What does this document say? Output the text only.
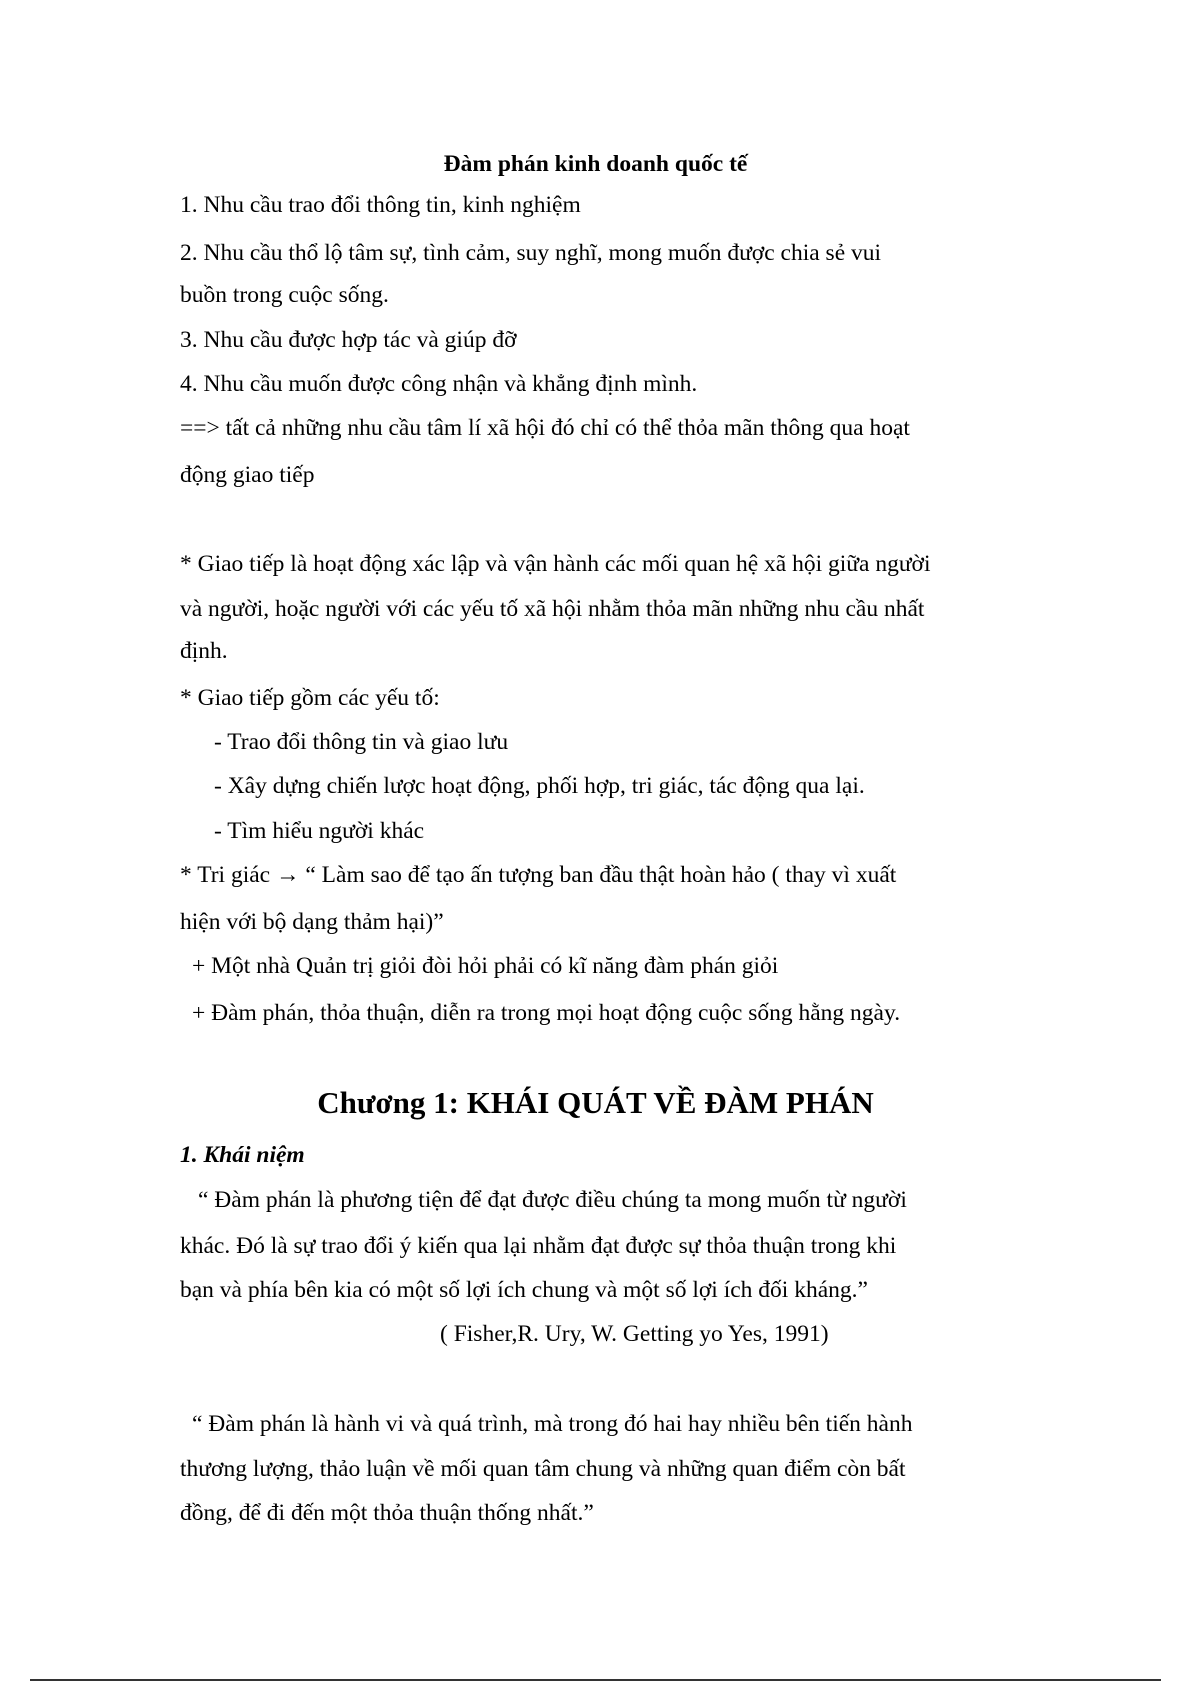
Đàm phán kinh doanh quốc tế
1. Nhu cầu trao đổi thông tin, kinh nghiệm
2. Nhu cầu thổ lộ tâm sự, tình cảm, suy nghĩ, mong muốn được chia sẻ vui
buồn trong cuộc sống.
3. Nhu cầu được hợp tác và giúp đỡ
4. Nhu cầu muốn được công nhận và khẳng định mình.
==> tất cả những nhu cầu tâm lí xã hội đó chỉ có thể thỏa mãn thông qua hoạt
động giao tiếp
* Giao tiếp là hoạt động xác lập và vận hành các mối quan hệ xã hội giữa người
và người, hoặc người với các yếu tố xã hội nhằm thỏa mãn những nhu cầu nhất
định.
* Giao tiếp gồm các yếu tố:
- Trao đổi thông tin và giao lưu
- Xây dựng chiến lược hoạt động, phối hợp, tri giác, tác động qua lại.
- Tìm hiểu người khác
* Tri giác → “ Làm sao để tạo ấn tượng ban đầu thật hoàn hảo ( thay vì xuất
hiện với bộ dạng thảm hại)”
+ Một nhà Quản trị giỏi đòi hỏi phải có kĩ năng đàm phán giỏi
+ Đàm phán, thỏa thuận, diễn ra trong mọi hoạt động cuộc sống hằng ngày.
Chương 1: KHÁI QUÁT VỀ ĐÀM PHÁN
1. Khái niệm
“ Đàm phán là phương tiện để đạt được điều chúng ta mong muốn từ người
khác. Đó là sự trao đổi ý kiến qua lại nhằm đạt được sự thỏa thuận trong khi
bạn và phía bên kia có một số lợi ích chung và một số lợi ích đối kháng.”
( Fisher,R. Ury, W. Getting yo Yes, 1991)
“ Đàm phán là hành vi và quá trình, mà trong đó hai hay nhiều bên tiến hành
thương lượng, thảo luận về mối quan tâm chung và những quan điểm còn bất
đồng, để đi đến một thỏa thuận thống nhất.”
